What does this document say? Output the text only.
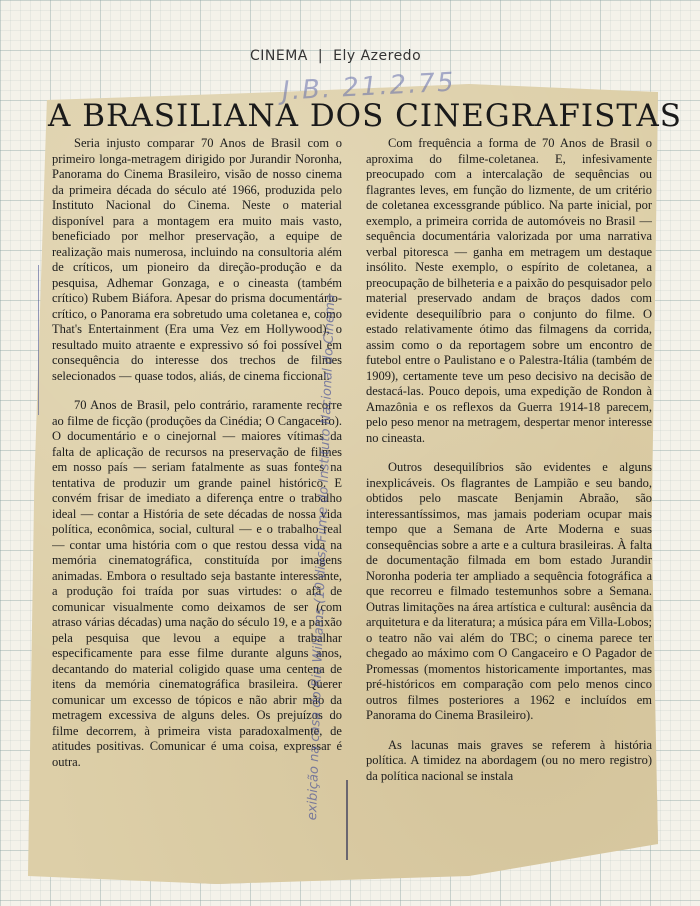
CINEMA | Ely Azeredo
J.B. 21.2.75
A BRASILIANA DOS CINEGRAFISTAS

Seria injusto comparar 70 Anos de Brasil com o primeiro longa-metragem dirigido por Jurandir Noronha, Panorama do Cinema Brasileiro, visão de nosso cinema da primeira década do século até 1966, produzida pelo Instituto Nacional do Cinema. Neste o material disponível para a montagem era muito mais vasto, beneficiado por melhor preservação, a equipe de realização mais numerosa, incluindo na consultoria além de críticos, um pioneiro da direção-produção e da pesquisa, Adhemar Gonzaga, e o cineasta (também crítico) Rubem Biáfora. Apesar do prisma documentário-crítico, o Panorama era sobretudo uma coletanea e, como That's Entertainment (Era uma Vez em Hollywood), o resultado muito atraente e expressivo só foi possível em consequência do interesse dos trechos de filmes selecionados — quase todos, aliás, de cinema ficcional.

70 Anos de Brasil, pelo contrário, raramente recorre ao filme de ficção (produções da Cinédia; O Cangaceiro). O documentário e o cinejornal — maiores vítimas da falta de aplicação de recursos na preservação de filmes em nosso país — seriam fatalmente as suas fontes na tentativa de produzir um grande painel histórico. E convém frisar de imediato a diferença entre o trabalho ideal — contar a História de sete décadas de nossa vida política, econômica, social, cultural — e o trabalho real — contar uma história com o que restou dessa vida na memória cinematográfica, constituída por imagens animadas. Embora o resultado seja bastante interessante, a produção foi traída por suas virtudes: o afã de comunicar visualmente como deixamos de ser (com atraso várias décadas) uma nação do século 19, e a paixão pela pesquisa que levou a equipe a trabalhar especificamente para esse filme durante alguns anos, decantando do material coligido quase uma centena de itens da memória cinematográfica brasileira. Querer comunicar um excesso de tópicos e não abrir mão da metragem excessiva de alguns deles. Os prejuízos do filme decorrem, à primeira vista paradoxalmente, de atitudes positivas. Comunicar é uma coisa, expressar é outra.	exibição na casa do Rio Williams (10 dias) Filme do Instituto Nacional do Cinema

Com frequência a forma de 70 Anos de Brasil o aproxima do filme-coletanea. E, infesivamente preocupado com a intercalação de sequências ou flagrantes leves, em função do lizmente, de um critério de coletanea excessgrande público. Na parte inicial, por exemplo, a primeira corrida de automóveis no Brasil — sequência documentária valorizada por uma narrativa verbal pitoresca — ganha em metragem um destaque insólito. Neste exemplo, o espírito de coletanea, a preocupação de bilheteria e a paixão do pesquisador pelo material preservado andam de braços dados com evidente desequilíbrio para o conjunto do filme. O estado relativamente ótimo das filmagens da corrida, assim como o da reportagem sobre um encontro de futebol entre o Paulistano e o Palestra-Itália (também de 1909), certamente teve um peso decisivo na decisão de destacá-las. Pouco depois, uma expedição de Rondon à Amazônia e os reflexos da Guerra 1914-18 parecem, pelo peso menor na metragem, despertar menor interesse no cineasta.

Outros desequilíbrios são evidentes e alguns inexplicáveis. Os flagrantes de Lampião e seu bando, obtidos pelo mascate Benjamin Abraão, são interessantíssimos, mas jamais poderiam ocupar mais tempo que a Semana de Arte Moderna e suas consequências sobre a arte e a cultura brasileiras. À falta de documentação filmada em bom estado Jurandir Noronha poderia ter ampliado a sequência fotográfica a que recorreu e filmado testemunhos sobre a Semana. Outras limitações na área artística e cultural: ausência da arquitetura e da literatura; a música pára em Villa-Lobos; o teatro não vai além do TBC; o cinema parece ter chegado ao máximo com O Cangaceiro e O Pagador de Promessas (momentos historicamente importantes, mas pré-históricos em comparação com pelo menos cinco outros filmes posteriores a 1962 e incluídos em Panorama do Cinema Brasileiro).

As lacunas mais graves se referem à história política. A timidez na abordagem (ou no mero registro) da política nacional se instala
